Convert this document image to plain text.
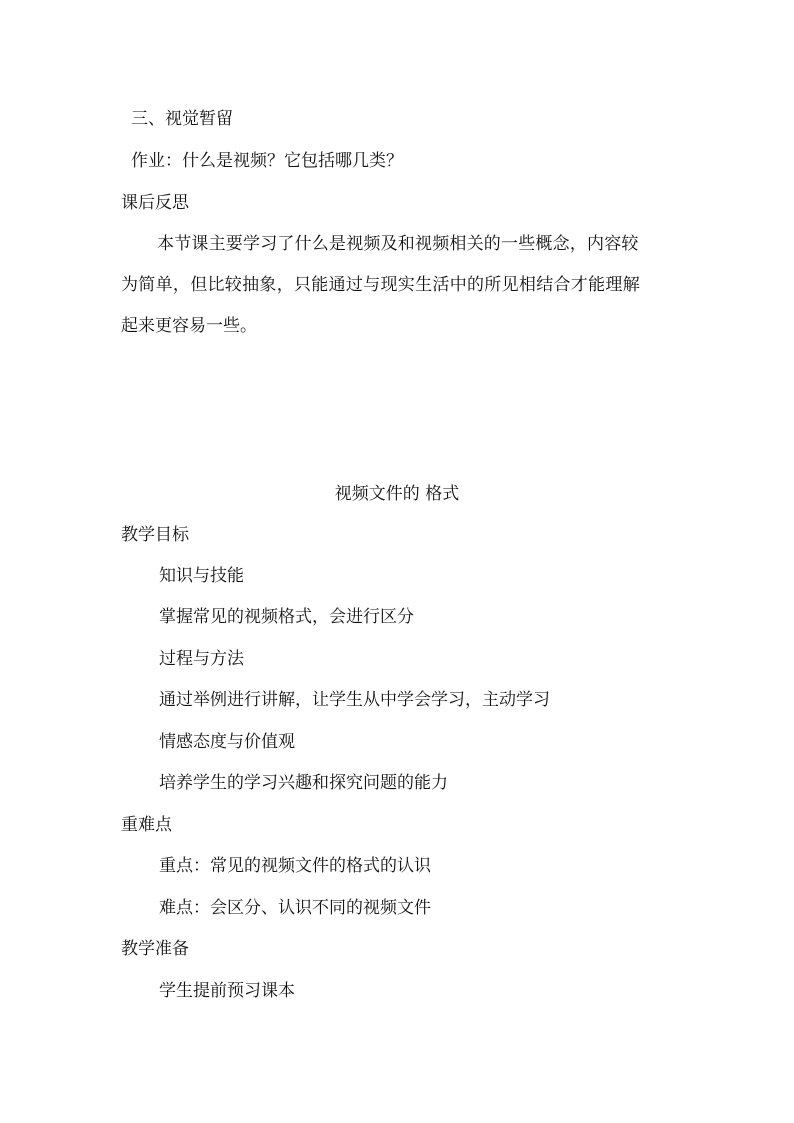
三、视觉暂留
作业：什么是视频？它包括哪几类？
课后反思
本节课主要学习了什么是视频及和视频相关的一些概念，内容较
为简单，但比较抽象，只能通过与现实生活中的所见相结合才能理解
起来更容易一些。
视频文件的 格式
教学目标
知识与技能
掌握常见的视频格式，会进行区分
过程与方法
通过举例进行讲解，让学生从中学会学习，主动学习
情感态度与价值观
培养学生的学习兴趣和探究问题的能力
重难点
重点：常见的视频文件的格式的认识
难点：会区分、认识不同的视频文件
教学准备
学生提前预习课本
